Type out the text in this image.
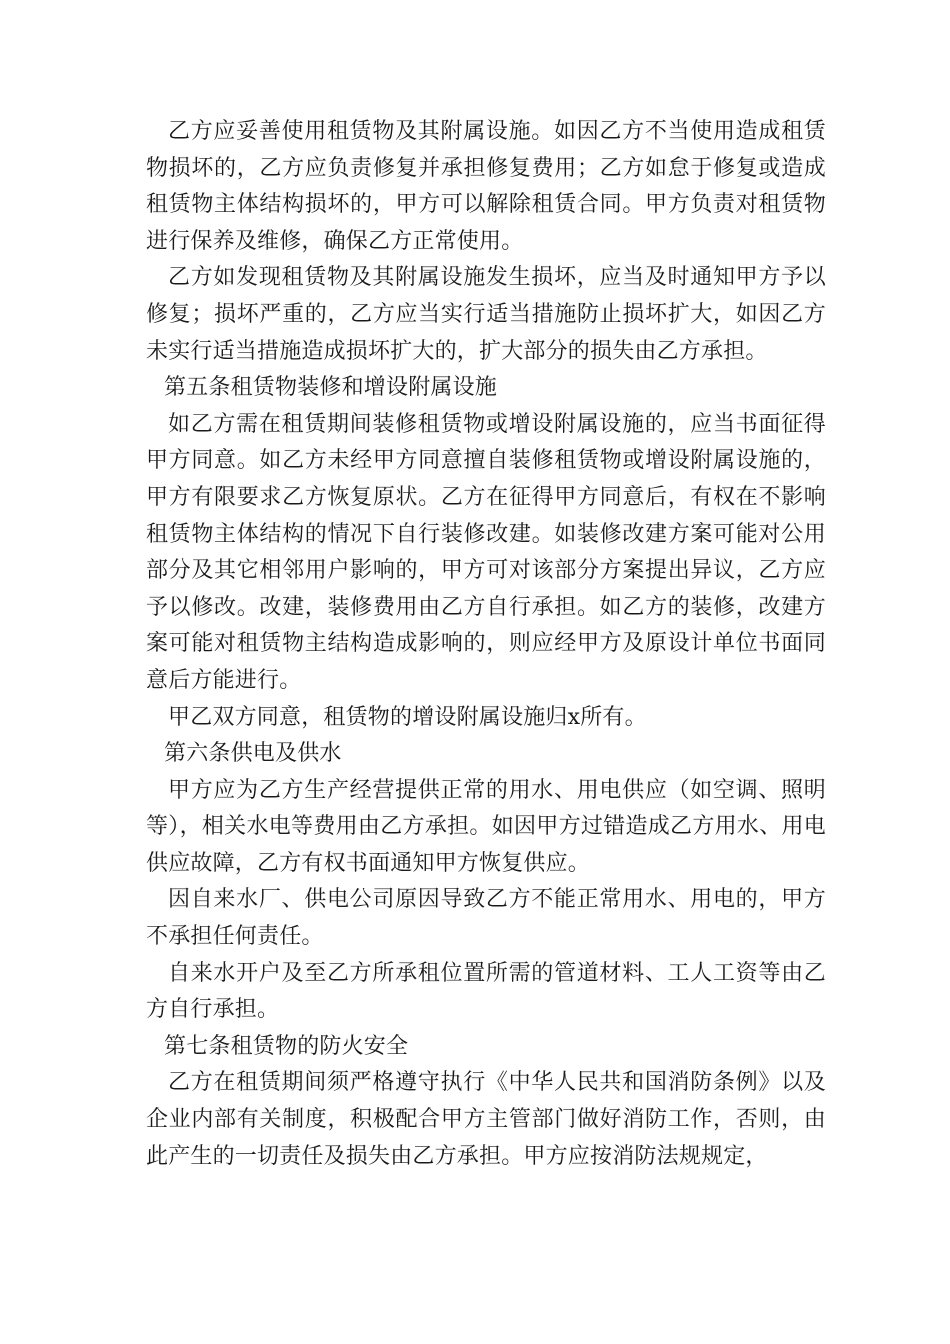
乙方应妥善使用租赁物及其附属设施。如因乙方不当使用造成租赁物损坏的，乙方应负责修复并承担修复费用；乙方如怠于修复或造成租赁物主体结构损坏的，甲方可以解除租赁合同。甲方负责对租赁物进行保养及维修，确保乙方正常使用。

乙方如发现租赁物及其附属设施发生损坏，应当及时通知甲方予以修复；损坏严重的，乙方应当实行适当措施防止损坏扩大，如因乙方未实行适当措施造成损坏扩大的，扩大部分的损失由乙方承担。

第五条租赁物装修和增设附属设施

如乙方需在租赁期间装修租赁物或增设附属设施的，应当书面征得甲方同意。如乙方未经甲方同意擅自装修租赁物或增设附属设施的，甲方有限要求乙方恢复原状。乙方在征得甲方同意后，有权在不影响租赁物主体结构的情况下自行装修改建。如装修改建方案可能对公用部分及其它相邻用户影响的，甲方可对该部分方案提出异议，乙方应予以修改。改建，装修费用由乙方自行承担。如乙方的装修，改建方案可能对租赁物主结构造成影响的，则应经甲方及原设计单位书面同意后方能进行。

甲乙双方同意，租赁物的增设附属设施归x所有。

第六条供电及供水

甲方应为乙方生产经营提供正常的用水、用电供应（如空调、照明等），相关水电等费用由乙方承担。如因甲方过错造成乙方用水、用电供应故障，乙方有权书面通知甲方恢复供应。

因自来水厂、供电公司原因导致乙方不能正常用水、用电的，甲方不承担任何责任。

自来水开户及至乙方所承租位置所需的管道材料、工人工资等由乙方自行承担。

第七条租赁物的防火安全

乙方在租赁期间须严格遵守执行《中华人民共和国消防条例》以及企业内部有关制度，积极配合甲方主管部门做好消防工作，否则，由此产生的一切责任及损失由乙方承担。甲方应按消防法规规定，
